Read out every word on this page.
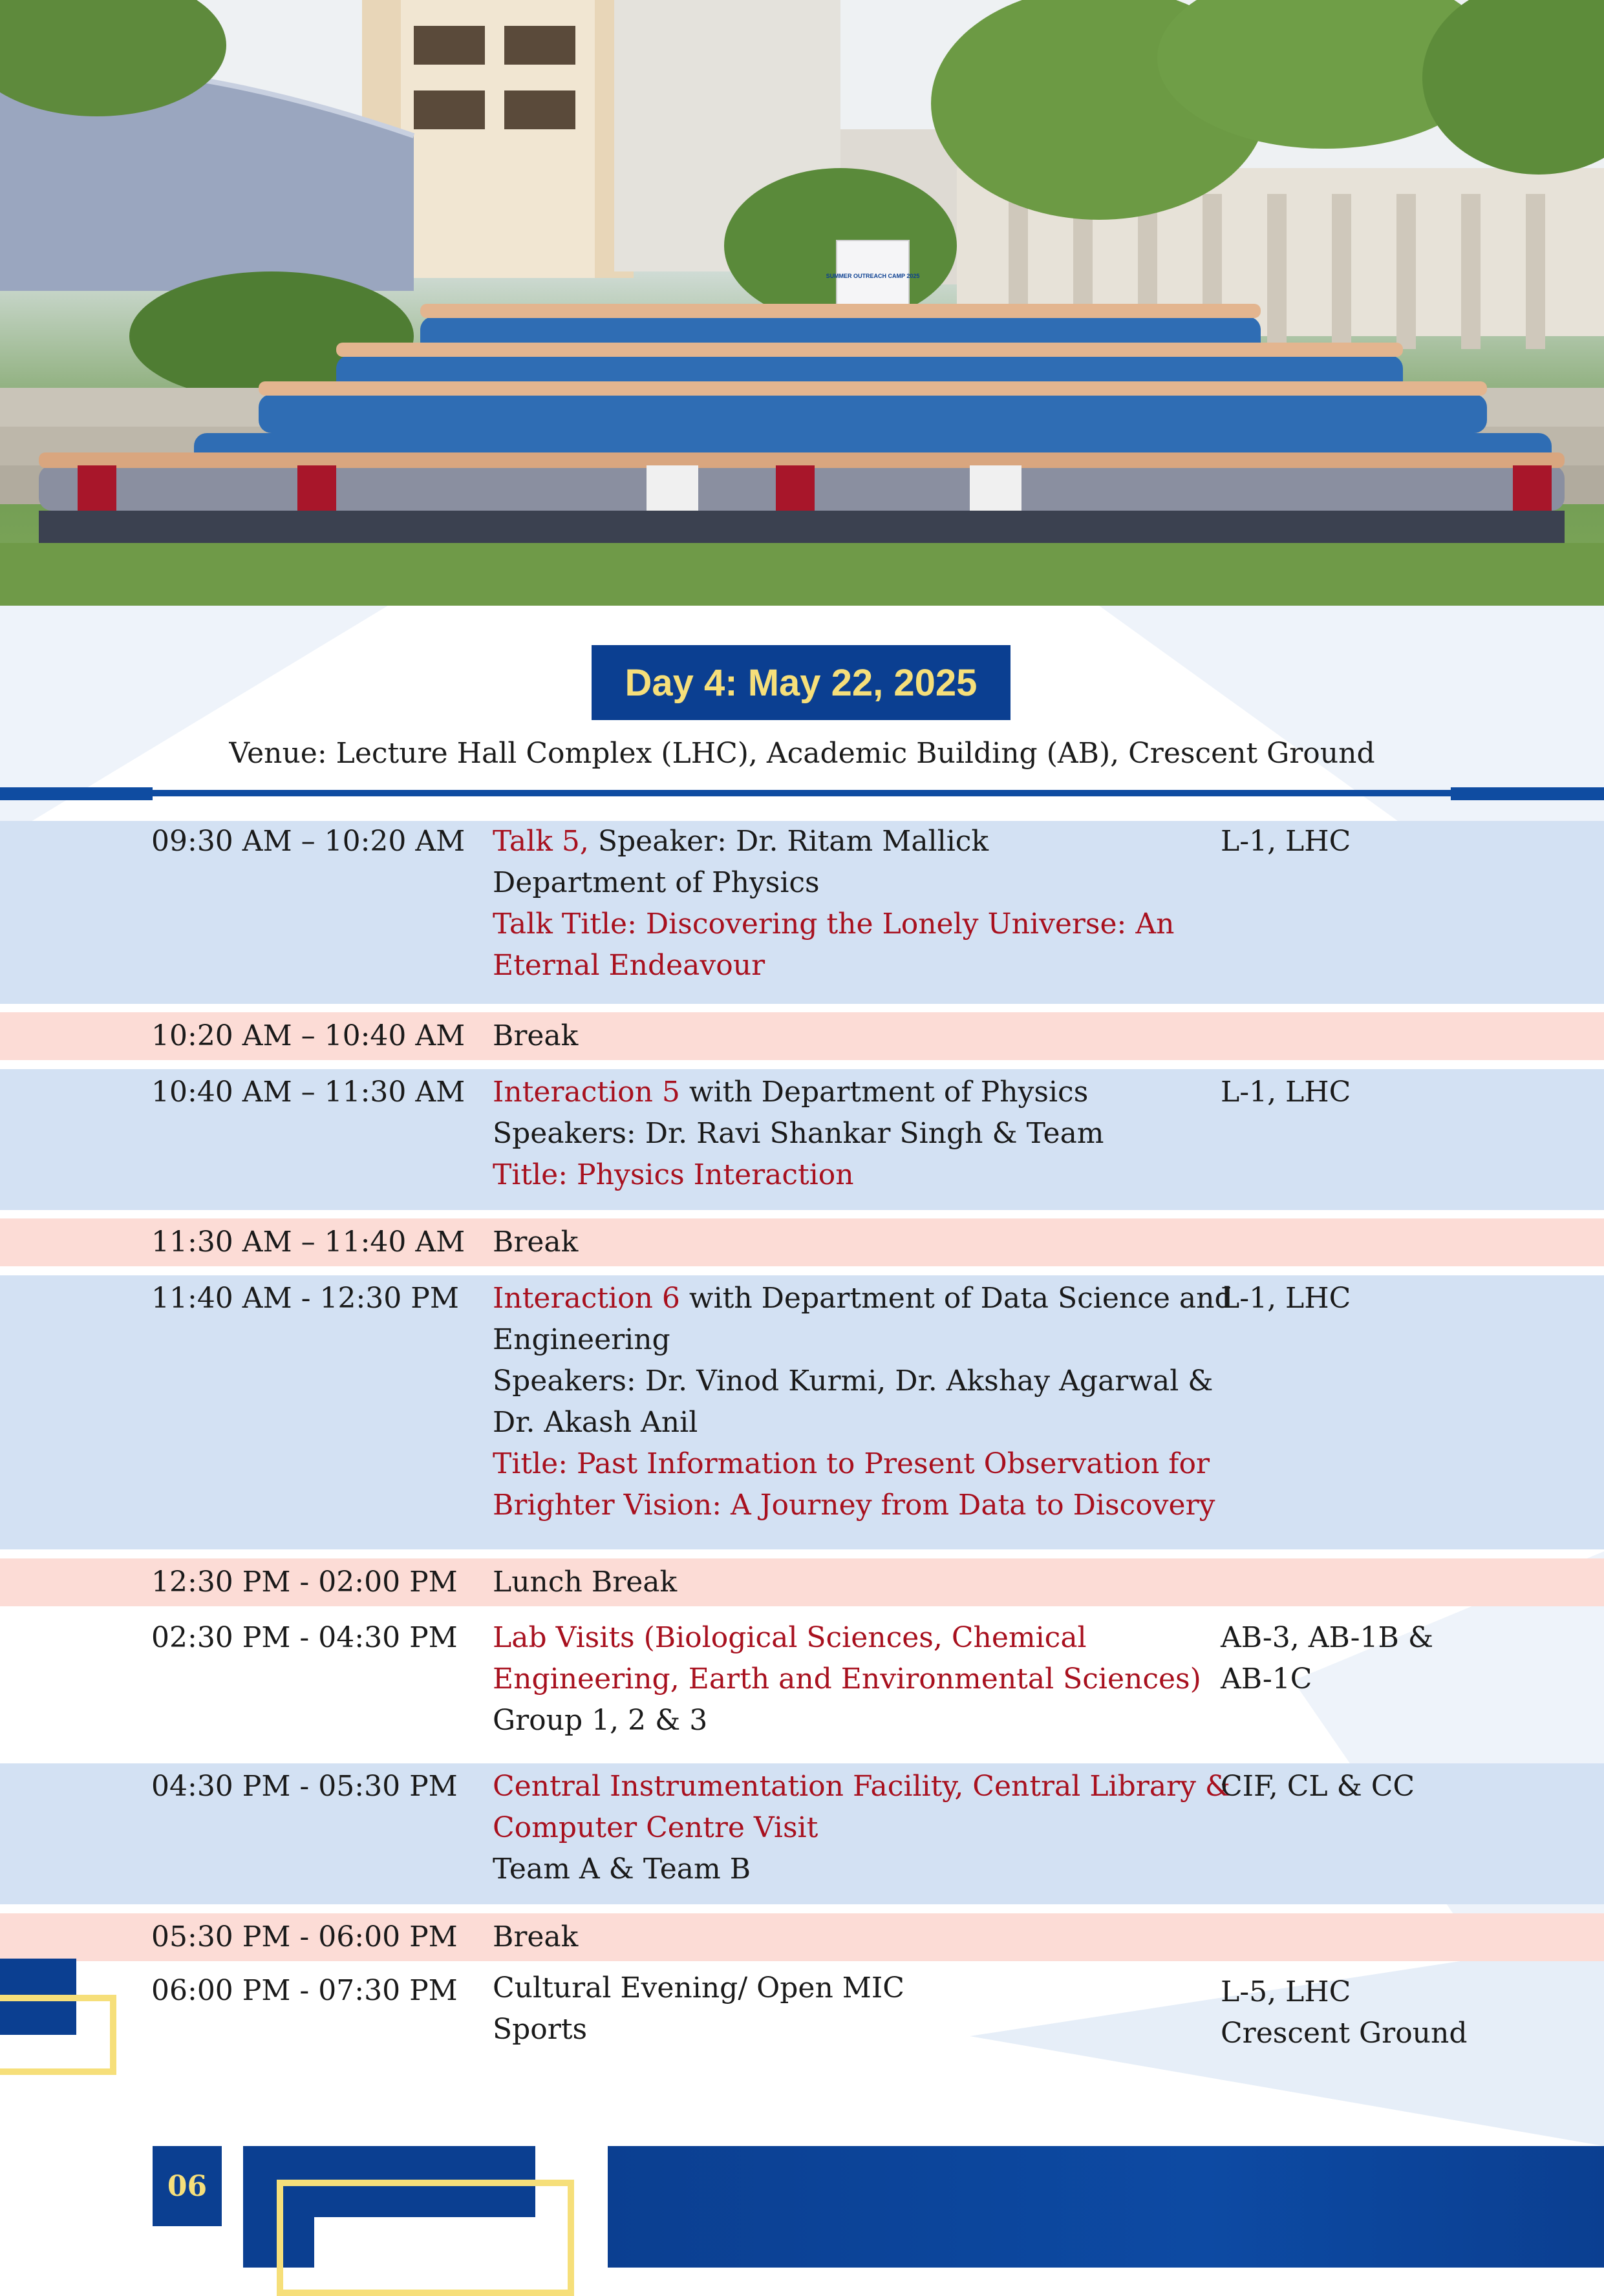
SUMMER OUTREACH CAMP 2025
Day 4: May 22, 2025
Venue: Lecture Hall Complex (LHC), Academic Building (AB), Crescent Ground
09:30 AM – 10:20 AM Talk 5, Speaker: Dr. Ritam Mallick
Department of Physics
Talk Title: Discovering the Lonely Universe: An
Eternal Endeavour
L-1, LHC
10:20 AM – 10:40 AM Break
10:40 AM – 11:30 AM Interaction 5 with Department of Physics
Speakers: Dr. Ravi Shankar Singh & Team
Title: Physics Interaction
L-1, LHC
11:30 AM – 11:40 AM Break
11:40 AM - 12:30 PM Interaction 6 with Department of Data Science and
Engineering
Speakers: Dr. Vinod Kurmi, Dr. Akshay Agarwal &
Dr. Akash Anil
Title: Past Information to Present Observation for
Brighter Vision: A Journey from Data to Discovery
L-1, LHC
12:30 PM - 02:00 PM Lunch Break
02:30 PM - 04:30 PM Lab Visits (Biological Sciences, Chemical
Engineering, Earth and Environmental Sciences)
Group 1, 2 & 3
AB-3, AB-1B &
AB-1C
04:30 PM - 05:30 PM Central Instrumentation Facility, Central Library &
Computer Centre Visit
Team A & Team B
CIF, CL & CC
05:30 PM - 06:00 PM Break
06:00 PM - 07:30 PM Cultural Evening/ Open MIC
Sports
L-5, LHC
Crescent Ground
06
